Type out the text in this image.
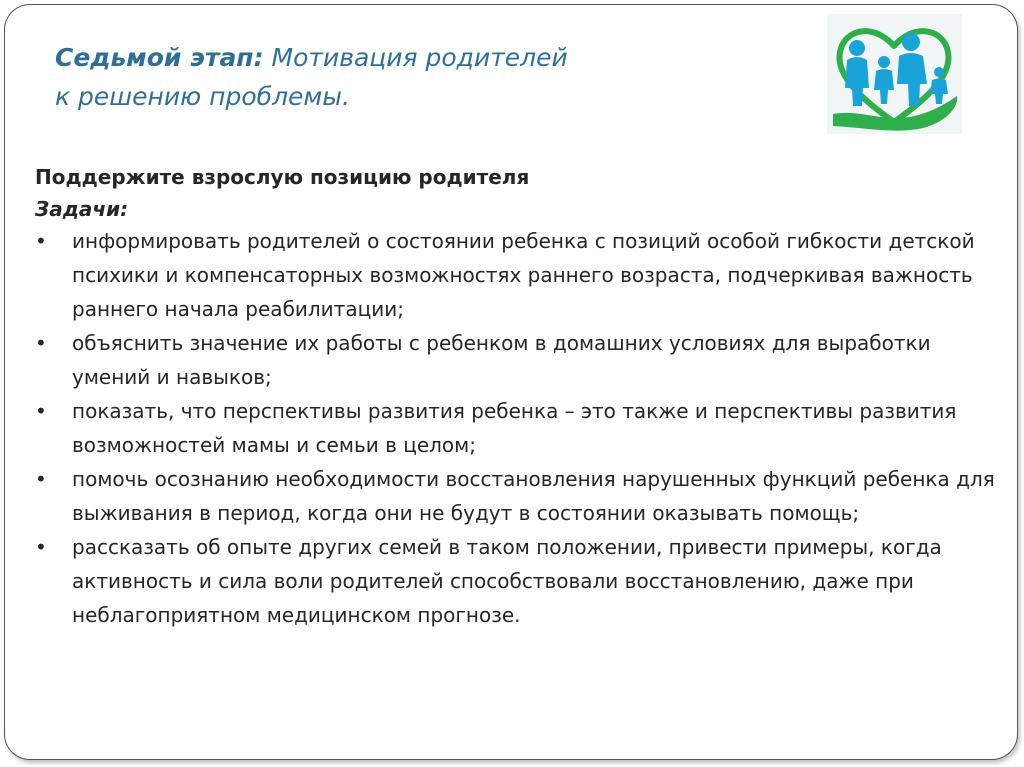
Седьмой этап: Мотивация родителей
к решению проблемы.
Поддержите взрослую позицию родителя
Задачи:
•	информировать родителей о состоянии ребенка с позиций особой гибкости детской психики и компенсаторных возможностях раннего возраста, подчеркивая важность раннего начала реабилитации;
•	объяснить значение их работы с ребенком в домашних условиях для выработки умений и навыков;
•	показать, что перспективы развития ребенка – это также и перспективы развития возможностей мамы и семьи в целом;
•	помочь осознанию необходимости восстановления нарушенных функций ребенка для выживания в период, когда они не будут в состоянии оказывать помощь;
•	рассказать об опыте других семей в таком положении, привести примеры, когда активность и сила воли родителей способствовали восстановлению, даже при неблагоприятном медицинском прогнозе.
